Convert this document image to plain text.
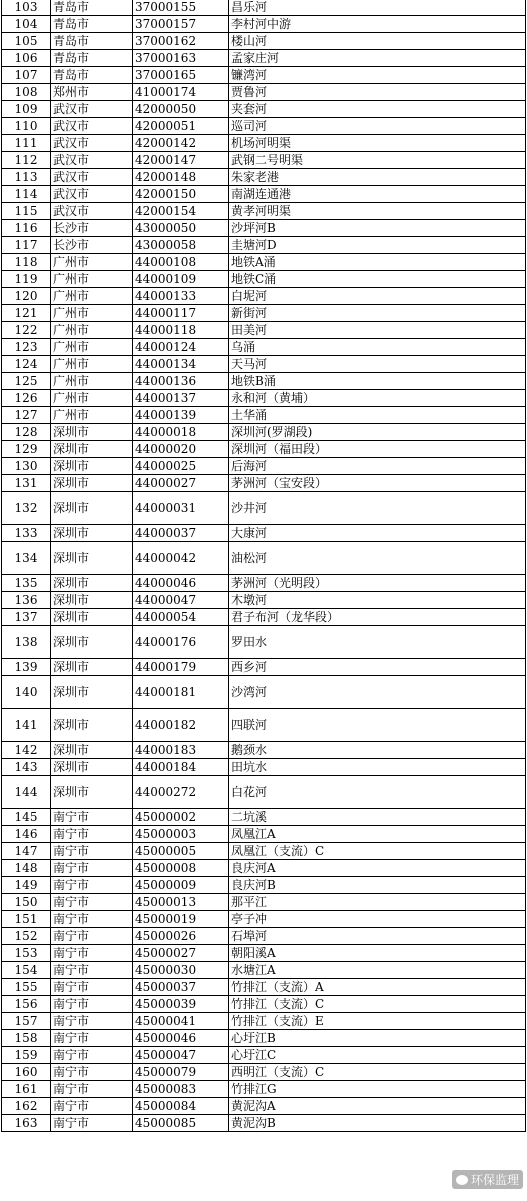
103	青岛市	37000155	昌乐河
104	青岛市	37000157	李村河中游
105	青岛市	37000162	楼山河
106	青岛市	37000163	孟家庄河
107	青岛市	37000165	镰湾河
108	郑州市	41000174	贾鲁河
109	武汉市	42000050	夹套河
110	武汉市	42000051	巡司河
111	武汉市	42000142	机场河明渠
112	武汉市	42000147	武钢二号明渠
113	武汉市	42000148	朱家老港
114	武汉市	42000150	南湖连通港
115	武汉市	42000154	黄孝河明渠
116	长沙市	43000050	沙坪河B
117	长沙市	43000058	圭塘河D
118	广州市	44000108	地铁A涌
119	广州市	44000109	地铁C涌
120	广州市	44000133	白坭河
121	广州市	44000117	新街河
122	广州市	44000118	田美河
123	广州市	44000124	乌涌
124	广州市	44000134	天马河
125	广州市	44000136	地铁B涌
126	广州市	44000137	永和河（黄埔）
127	广州市	44000139	土华涌
128	深圳市	44000018	深圳河(罗湖段)
129	深圳市	44000020	深圳河（福田段）
130	深圳市	44000025	后海河
131	深圳市	44000027	茅洲河（宝安段）
132	深圳市	44000031	沙井河
133	深圳市	44000037	大康河
134	深圳市	44000042	油松河
135	深圳市	44000046	茅洲河（光明段）
136	深圳市	44000047	木墩河
137	深圳市	44000054	君子布河（龙华段）
138	深圳市	44000176	罗田水
139	深圳市	44000179	西乡河
140	深圳市	44000181	沙湾河
141	深圳市	44000182	四联河
142	深圳市	44000183	鹅颈水
143	深圳市	44000184	田坑水
144	深圳市	44000272	白花河
145	南宁市	45000002	二坑溪
146	南宁市	45000003	凤凰江A
147	南宁市	45000005	凤凰江（支流）C
148	南宁市	45000008	良庆河A
149	南宁市	45000009	良庆河B
150	南宁市	45000013	那平江
151	南宁市	45000019	亭子冲
152	南宁市	45000026	石埠河
153	南宁市	45000027	朝阳溪A
154	南宁市	45000030	水塘江A
155	南宁市	45000037	竹排江（支流）A
156	南宁市	45000039	竹排江（支流）C
157	南宁市	45000041	竹排江（支流）E
158	南宁市	45000046	心圩江B
159	南宁市	45000047	心圩江C
160	南宁市	45000079	西明江（支流）C
161	南宁市	45000083	竹排江G
162	南宁市	45000084	黄泥沟A
163	南宁市	45000085	黄泥沟B
环保监理
